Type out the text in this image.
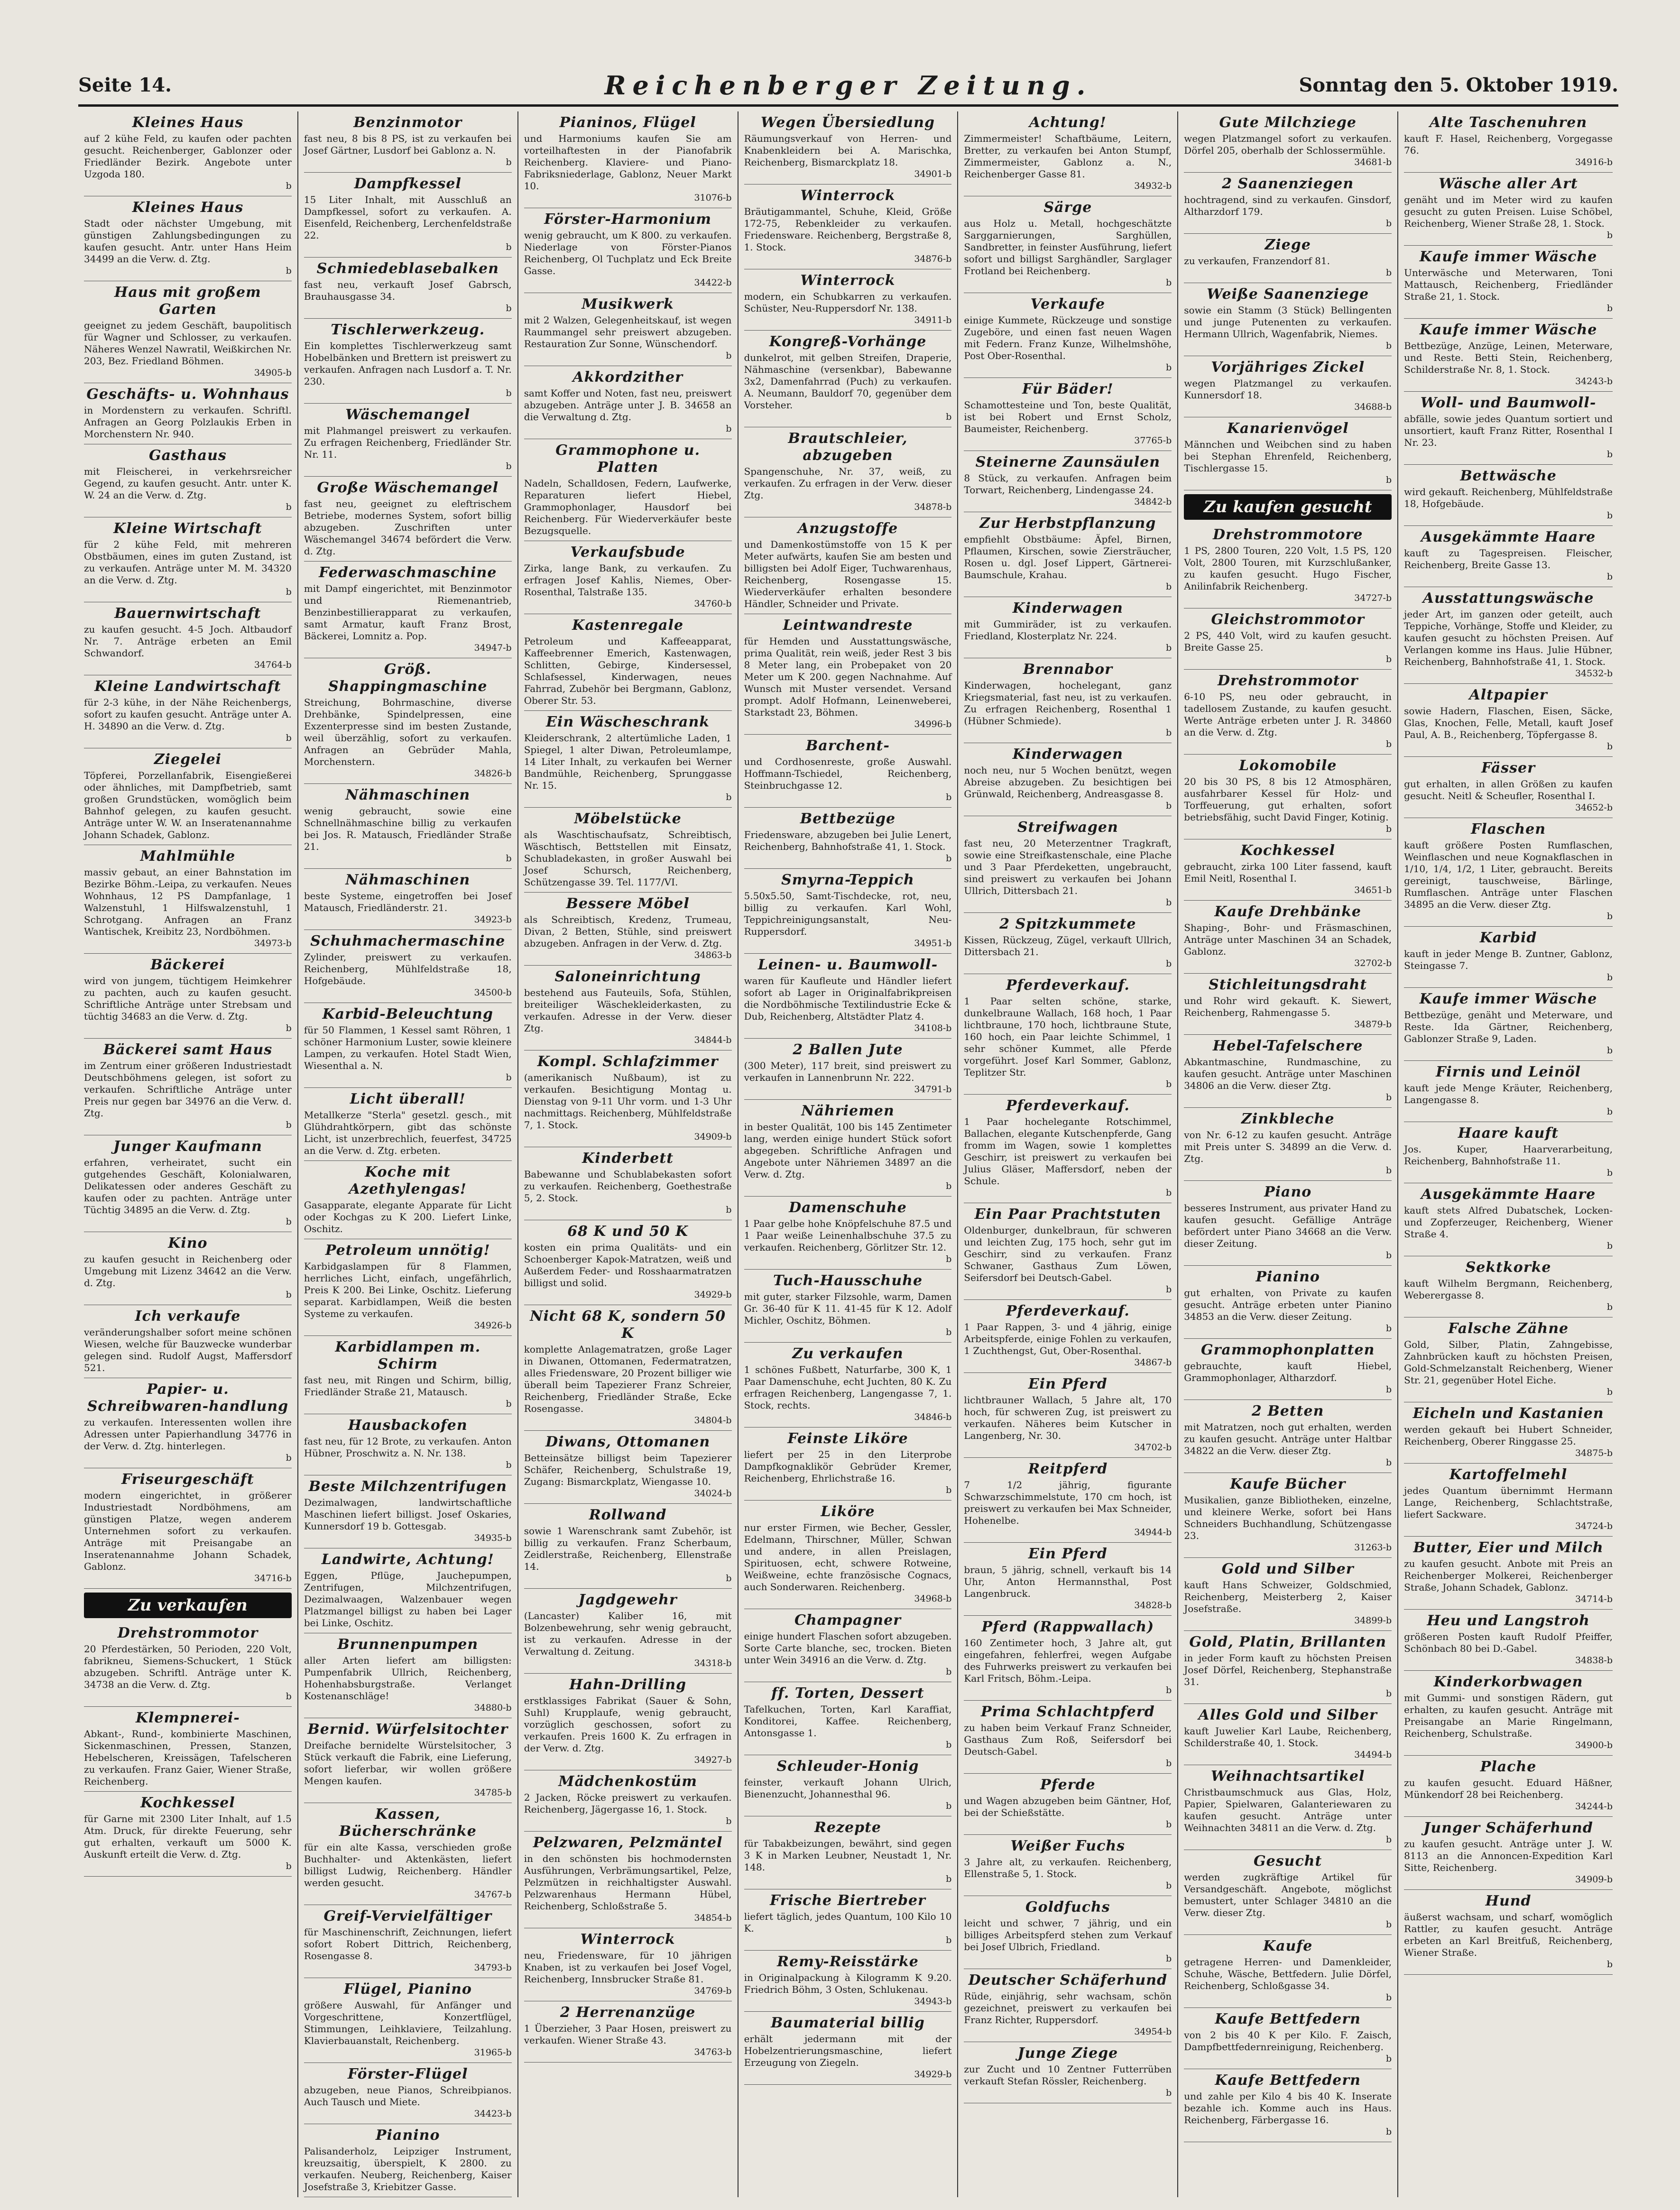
Seite 14.	Reichenberger Zeitung.	Sonntag den 5. Oktober 1919.
Kleines Haus

auf 2 kühe Feld, zu kaufen oder pachten gesucht. Reichenberger, Gablonzer oder Friedländer Bezirk. Angebote unter Uzgoda 180.

b
Kleines Haus

Stadt oder nächster Umgebung, mit günstigen Zahlungsbedingungen zu kaufen gesucht. Antr. unter Hans Heim 34499 an die Verw. d. Ztg.

b
Haus mit großem Garten

geeignet zu jedem Geschäft, baupolitisch für Wagner und Schlosser, zu verkaufen. Näheres Wenzel Nawratil, Weißkirchen Nr. 203, Bez. Friedland Böhmen.

34905-b
Geschäfts- u. Wohnhaus

in Mordenstern zu verkaufen. Schriftl. Anfragen an Georg Polzlaukis Erben in Morchenstern Nr. 940.

Gasthaus

mit Fleischerei, in verkehrsreicher Gegend, zu kaufen gesucht. Antr. unter K. W. 24 an die Verw. d. Ztg.

b
Kleine Wirtschaft

für 2 kühe Feld, mit mehreren Obstbäumen, eines im guten Zustand, ist zu verkaufen. Anträge unter M. M. 34320 an die Verw. d. Ztg.

b
Bauernwirtschaft

zu kaufen gesucht. 4-5 Joch. Altbaudorf Nr. 7. Anträge erbeten an Emil Schwandorf.

34764-b
Kleine Landwirtschaft

für 2-3 kühe, in der Nähe Reichenbergs, sofort zu kaufen gesucht. Anträge unter A. H. 34890 an die Verw. d. Ztg.

b
Ziegelei

Töpferei, Porzellanfabrik, Eisengießerei oder ähnliches, mit Dampfbetrieb, samt großen Grundstücken, womöglich beim Bahnhof gelegen, zu kaufen gesucht. Anträge unter W. W. an Inseratenannahme Johann Schadek, Gablonz.

Mahlmühle

massiv gebaut, an einer Bahnstation im Bezirke Böhm.-Leipa, zu verkaufen. Neues Wohnhaus, 12 PS Dampfanlage, 1 Walzenstuhl, 1 Hilfswalzenstuhl, 1 Schrotgang. Anfragen an Franz Wantischek, Kreibitz 23, Nordböhmen.

34973-b
Bäckerei

wird von jungem, tüchtigem Heimkehrer zu pachten, auch zu kaufen gesucht. Schriftliche Anträge unter Strebsam und tüchtig 34683 an die Verw. d. Ztg.

b
Bäckerei samt Haus

im Zentrum einer größeren Industriestadt Deutschböhmens gelegen, ist sofort zu verkaufen. Schriftliche Anträge unter Preis nur gegen bar 34976 an die Verw. d. Ztg.

b
Junger Kaufmann

erfahren, verheiratet, sucht ein gutgehendes Geschäft, Kolonialwaren, Delikatessen oder anderes Geschäft zu kaufen oder zu pachten. Anträge unter Tüchtig 34895 an die Verw. d. Ztg.

b
Kino

zu kaufen gesucht in Reichenberg oder Umgebung mit Lizenz 34642 an die Verw. d. Ztg.

b
Ich verkaufe

veränderungshalber sofort meine schönen Wiesen, welche für Bauzwecke wunderbar gelegen sind. Rudolf Augst, Maffersdorf 521.

Papier- u. Schreibwaren-handlung

zu verkaufen. Interessenten wollen ihre Adressen unter Papierhandlung 34776 in der Verw. d. Ztg. hinterlegen.

b
Friseurgeschäft

modern eingerichtet, in größerer Industriestadt Nordböhmens, am günstigen Platze, wegen anderem Unternehmen sofort zu verkaufen. Anträge mit Preisangabe an Inseratenannahme Johann Schadek, Gablonz.

34716-b
Zu verkaufen
Drehstrommotor

20 Pferdestärken, 50 Perioden, 220 Volt, fabrikneu, Siemens-Schuckert, 1 Stück abzugeben. Schriftl. Anträge unter K. 34738 an die Verw. d. Ztg.

b
Klempnerei-

Abkant-, Rund-, kombinierte Maschinen, Sickenmaschinen, Pressen, Stanzen, Hebelscheren, Kreissägen, Tafelscheren zu verkaufen. Franz Gaier, Wiener Straße, Reichenberg.

Kochkessel

für Garne mit 2300 Liter Inhalt, auf 1.5 Atm. Druck, für direkte Feuerung, sehr gut erhalten, verkauft um 5000 K. Auskunft erteilt die Verw. d. Ztg.

b
Benzinmotor

fast neu, 8 bis 8 PS, ist zu verkaufen bei Josef Gärtner, Lusdorf bei Gablonz a. N.

b
Dampfkessel

15 Liter Inhalt, mit Ausschluß an Dampfkessel, sofort zu verkaufen. A. Eisenfeld, Reichenberg, Lerchenfeldstraße 22.

b
Schmiedeblasebalken

fast neu, verkauft Josef Gabrsch, Brauhausgasse 34.

b
Tischlerwerkzeug.

Ein komplettes Tischlerwerkzeug samt Hobelbänken und Brettern ist preiswert zu verkaufen. Anfragen nach Lusdorf a. T. Nr. 230.

b
Wäschemangel

mit Plahmangel preiswert zu verkaufen. Zu erfragen Reichenberg, Friedländer Str. Nr. 11.

b
Große Wäschemangel

fast neu, geeignet zu eleftrischem Betriebe, modernes System, sofort billig abzugeben. Zuschriften unter Wäschemangel 34674 befördert die Verw. d. Ztg.

Federwaschmaschine

mit Dampf eingerichtet, mit Benzinmotor und Riemenantrieb, Benzinbestillierapparat zu verkaufen, samt Armatur, kauft Franz Brost, Bäckerei, Lomnitz a. Pop.

34947-b
Größ. Shappingmaschine

Streichung, Bohrmaschine, diverse Drehbänke, Spindelpressen, eine Exzenterpresse sind im besten Zustande, weil überzählig, sofort zu verkaufen. Anfragen an Gebrüder Mahla, Morchenstern.

34826-b
Nähmaschinen

wenig gebraucht, sowie eine Schnellnähmaschine billig zu verkaufen bei Jos. R. Matausch, Friedländer Straße 21.

b
Nähmaschinen

beste Systeme, eingetroffen bei Josef Matausch, Friedländerstr. 21.

34923-b
Schuhmachermaschine

Zylinder, preiswert zu verkaufen. Reichenberg, Mühlfeldstraße 18, Hofgebäude.

34500-b
Karbid-Beleuchtung

für 50 Flammen, 1 Kessel samt Röhren, 1 schöner Harmonium Luster, sowie kleinere Lampen, zu verkaufen. Hotel Stadt Wien, Wiesenthal a. N.

b
Licht überall!

Metallkerze "Sterla" gesetzl. gesch., mit Glühdrahtkörpern, gibt das schönste Licht, ist unzerbrechlich, feuerfest, 34725 an die Verw. d. Ztg. erbeten.

Koche mit Azethylengas!

Gasapparate, elegante Apparate für Licht oder Kochgas zu K 200. Liefert Linke, Oschitz.

Petroleum unnötig!

Karbidgaslampen für 8 Flammen, herrliches Licht, einfach, ungefährlich, Preis K 200. Bei Linke, Oschitz. Lieferung separat. Karbidlampen, Weiß die besten Systeme zu verkaufen.

34926-b
Karbidlampen m. Schirm

fast neu, mit Ringen und Schirm, billig, Friedländer Straße 21, Matausch.

b
Hausbackofen

fast neu, für 12 Brote, zu verkaufen. Anton Hübner, Proschwitz a. N. Nr. 138.

b
Beste Milchzentrifugen

Dezimalwagen, landwirtschaftliche Maschinen liefert billigst. Josef Oskaries, Kunnersdorf 19 b. Gottesgab.

34935-b
Landwirte, Achtung!

Eggen, Pflüge, Jauchepumpen, Zentrifugen, Milchzentrifugen, Dezimalwaagen, Walzenbauer wegen Platzmangel billigst zu haben bei Lager bei Linke, Oschitz.

Brunnenpumpen

aller Arten liefert am billigsten: Pumpenfabrik Ullrich, Reichenberg, Hohenhabsburgstraße. Verlanget Kostenanschläge!

34880-b
Bernid. Würfelsitochter

Dreifache bernidelte Würstelsitocher, 3 Stück verkauft die Fabrik, eine Lieferung, sofort lieferbar, wir wollen größere Mengen kaufen.

34785-b
Kassen, Bücherschränke

für ein alte Kassa, verschieden große Buchhalter- und Aktenkästen, liefert billigst Ludwig, Reichenberg. Händler werden gesucht.

34767-b
Greif-Vervielfältiger

für Maschinenschrift, Zeichnungen, liefert sofort Robert Dittrich, Reichenberg, Rosengasse 8.

34793-b
Flügel, Pianino

größere Auswahl, für Anfänger und Vorgeschrittene, Konzertflügel, Stimmungen, Leihklaviere, Teilzahlung. Klavierbauanstalt, Reichenberg.

31965-b
Förster-Flügel

abzugeben, neue Pianos, Schreibpianos. Auch Tausch und Miete.

34423-b
Pianino

Palisanderholz, Leipziger Instrument, kreuzsaitig, überspielt, K 2800. zu verkaufen. Neuberg, Reichenberg, Kaiser Josefstraße 3, Kriebitzer Gasse.

Pianinos, Flügel

und Harmoniums kaufen Sie am vorteilhaftesten in der Pianofabrik Reichenberg. Klaviere- und Piano-Fabriksniederlage, Gablonz, Neuer Markt 10.

31076-b
Förster-Harmonium

wenig gebraucht, um K 800. zu verkaufen. Niederlage von Förster-Pianos Reichenberg, Ol Tuchplatz und Eck Breite Gasse.

34422-b
Musikwerk

mit 2 Walzen, Gelegenheitskauf, ist wegen Raummangel sehr preiswert abzugeben. Restauration Zur Sonne, Wünschendorf.

b
Akkordzither

samt Koffer und Noten, fast neu, preiswert abzugeben. Anträge unter J. B. 34658 an die Verwaltung d. Ztg.

b
Grammophone u. Platten

Nadeln, Schalldosen, Federn, Laufwerke, Reparaturen liefert Hiebel, Grammophonlager, Hausdorf bei Reichenberg. Für Wiederverkäufer beste Bezugsquelle.

Verkaufsbude

Zirka, lange Bank, zu verkaufen. Zu erfragen Josef Kahlis, Niemes, Ober-Rosenthal, Talstraße 135.

34760-b
Kastenregale

Petroleum und Kaffeeapparat, Kaffeebrenner Emerich, Kastenwagen, Schlitten, Gebirge, Kindersessel, Schlafsessel, Kinderwagen, neues Fahrrad, Zubehör bei Bergmann, Gablonz, Oberer Str. 53.

Ein Wäscheschrank

Kleiderschrank, 2 altertümliche Laden, 1 Spiegel, 1 alter Diwan, Petroleumlampe, 14 Liter Inhalt, zu verkaufen bei Werner Bandmühle, Reichenberg, Sprunggasse Nr. 15.

b
Möbelstücke

als Waschtischaufsatz, Schreibtisch, Wäschtisch, Bettstellen mit Einsatz, Schubladekasten, in großer Auswahl bei Josef Schursch, Reichenberg, Schützengasse 39. Tel. 1177/VI.

Bessere Möbel

als Schreibtisch, Kredenz, Trumeau, Divan, 2 Betten, Stühle, sind preiswert abzugeben. Anfragen in der Verw. d. Ztg.

34863-b
Saloneinrichtung

bestehend aus Fauteuils, Sofa, Stühlen, breiteiliger Wäschekleiderkasten, zu verkaufen. Adresse in der Verw. dieser Ztg.

34844-b
Kompl. Schlafzimmer

(amerikanisch Nußbaum), ist zu verkaufen. Besichtigung Montag u. Dienstag von 9-11 Uhr vorm. und 1-3 Uhr nachmittags. Reichenberg, Mühlfeldstraße 7, 1. Stock.

34909-b
Kinderbett

Babewanne und Schublabekasten sofort zu verkaufen. Reichenberg, Goethestraße 5, 2. Stock.

b
68 K und 50 K

kosten ein prima Qualitäts- und ein Schoenberger Kapok-Matratzen, weiß und Außerdem Feder- und Rosshaarmatratzen billigst und solid.

34929-b
Nicht 68 K, sondern 50 K

komplette Anlagematratzen, große Lager in Diwanen, Ottomanen, Federmatratzen, alles Friedensware, 20 Prozent billiger wie überall beim Tapezierer Franz Schreier, Reichenberg, Friedländer Straße, Ecke Rosengasse.

34804-b
Diwans, Ottomanen

Betteinsätze billigst beim Tapezierer Schäfer, Reichenberg, Schulstraße 19, Zugang: Bismarckplatz, Wiengasse 10.

34024-b
Rollwand

sowie 1 Warenschrank samt Zubehör, ist billig zu verkaufen. Franz Scherbaum, Zeidlerstraße, Reichenberg, Ellenstraße 14.

b
Jagdgewehr

(Lancaster) Kaliber 16, mit Bolzenbewehrung, sehr wenig gebraucht, ist zu verkaufen. Adresse in der Verwaltung d. Zeitung.

34318-b
Hahn-Drilling

erstklassiges Fabrikat (Sauer & Sohn, Suhl) Krupplaufe, wenig gebraucht, vorzüglich geschossen, sofort zu verkaufen. Preis 1600 K. Zu erfragen in der Verw. d. Ztg.

34927-b
Mädchenkostüm

2 Jacken, Röcke preiswert zu verkaufen. Reichenberg, Jägergasse 16, 1. Stock.

b
Pelzwaren, Pelzmäntel

in den schönsten bis hochmodernsten Ausführungen, Verbrämungsartikel, Pelze, Pelzmützen in reichhaltigster Auswahl. Pelzwarenhaus Hermann Hübel, Reichenberg, Schloßstraße 5.

34854-b
Winterrock

neu, Friedensware, für 10 jährigen Knaben, ist zu verkaufen bei Josef Vogel, Reichenberg, Innsbrucker Straße 81.

34769-b
2 Herrenanzüge

1 Überzieher, 3 Paar Hosen, preiswert zu verkaufen. Wiener Straße 43.

34763-b
Wegen Übersiedlung

Räumungsverkauf von Herren- und Knabenkleidern bei A. Marischka, Reichenberg, Bismarckplatz 18.

34901-b
Winterrock

Bräutigammantel, Schuhe, Kleid, Größe 172-75, Rebenkleider zu verkaufen. Friedensware. Reichenberg, Bergstraße 8, 1. Stock.

34876-b
Winterrock

modern, ein Schubkarren zu verkaufen. Schüster, Neu-Ruppersdorf Nr. 138.

34911-b
Kongreß-Vorhänge

dunkelrot, mit gelben Streifen, Draperie, Nähmaschine (versenkbar), Babewanne 3x2, Damenfahrrad (Puch) zu verkaufen. A. Neumann, Bauldorf 70, gegenüber dem Vorsteher.

b
Brautschleier, abzugeben

Spangenschuhe, Nr. 37, weiß, zu verkaufen. Zu erfragen in der Verw. dieser Ztg.

34878-b
Anzugstoffe

und Damenkostümstoffe von 15 K per Meter aufwärts, kaufen Sie am besten und billigsten bei Adolf Eiger, Tuchwarenhaus, Reichenberg, Rosengasse 15. Wiederverkäufer erhalten besondere Händler, Schneider und Private.

Leintwandreste

für Hemden und Ausstattungswäsche, prima Qualität, rein weiß, jeder Rest 3 bis 8 Meter lang, ein Probepaket von 20 Meter um K 200. gegen Nachnahme. Auf Wunsch mit Muster versendet. Versand prompt. Adolf Hofmann, Leinenweberei, Starkstadt 23, Böhmen.

34996-b
Barchent-

und Cordhosenreste, große Auswahl. Hoffmann-Tschiedel, Reichenberg, Steinbruchgasse 12.

b
Bettbezüge

Friedensware, abzugeben bei Julie Lenert, Reichenberg, Bahnhofstraße 41, 1. Stock.

b
Smyrna-Teppich

5.50x5.50, Samt-Tischdecke, rot, neu, billig zu verkaufen. Karl Wohl, Teppichreinigungsanstalt, Neu-Ruppersdorf.

34951-b
Leinen- u. Baumwoll-

waren für Kaufleute und Händler liefert sofort ab Lager in Originalfabrikpreisen die Nordböhmische Textilindustrie Ecke & Dub, Reichenberg, Altstädter Platz 4.

34108-b
2 Ballen Jute

(300 Meter), 117 breit, sind preiswert zu verkaufen in Lannenbrunn Nr. 222.

34791-b
Nähriemen

in bester Qualität, 100 bis 145 Zentimeter lang, werden einige hundert Stück sofort abgegeben. Schriftliche Anfragen und Angebote unter Nähriemen 34897 an die Verw. d. Ztg.

b
Damenschuhe

1 Paar gelbe hohe Knöpfelschuhe 87.5 und 1 Paar weiße Leinenhalbschuhe 37.5 zu verkaufen. Reichenberg, Görlitzer Str. 12.

b
Tuch-Hausschuhe

mit guter, starker Filzsohle, warm, Damen Gr. 36-40 für K 11. 41-45 für K 12. Adolf Michler, Oschitz, Böhmen.

b
Zu verkaufen

1 schönes Fußbett, Naturfarbe, 300 K, 1 Paar Damenschuhe, echt Juchten, 80 K. Zu erfragen Reichenberg, Langengasse 7, 1. Stock, rechts.

34846-b
Feinste Liköre

liefert per 25 in den Literprobe Dampfkognaklikör Gebrüder Kremer, Reichenberg, Ehrlichstraße 16.

b
Liköre

nur erster Firmen, wie Becher, Gessler, Edelmann, Thirschner, Müller, Schwan und andere, in allen Preislagen, Spirituosen, echt, schwere Rotweine, Weißweine, echte französische Cognacs, auch Sonderwaren. Reichenberg.

34968-b
Champagner

einige hundert Flaschen sofort abzugeben. Sorte Carte blanche, sec, trocken. Bieten unter Wein 34916 an die Verw. d. Ztg.

b
ff. Torten, Dessert

Tafelkuchen, Torten, Karl Karaffiat, Konditorei, Kaffee. Reichenberg, Antonsgasse 1.

b
Schleuder-Honig

feinster, verkauft Johann Ulrich, Bienenzucht, Johannesthal 96.

b
Rezepte

für Tabakbeizungen, bewährt, sind gegen 3 K in Marken Leubner, Neustadt 1, Nr. 148.

b
Frische Biertreber

liefert täglich, jedes Quantum, 100 Kilo 10 K.

b
Remy-Reisstärke

in Originalpackung à Kilogramm K 9.20. Friedrich Böhm, 3 Osten, Schlukenau.

34943-b
Baumaterial billig

erhält jedermann mit der Hobelzentrierungsmaschine, liefert Erzeugung von Ziegeln.

34929-b
Achtung!

Zimmermeister! Schaftbäume, Leitern, Bretter, zu verkaufen bei Anton Stumpf, Zimmermeister, Gablonz a. N., Reichenberger Gasse 81.

34932-b
Särge

aus Holz u. Metall, hochgeschätzte Sarggarnierungen, Sarghüllen, Sandbretter, in feinster Ausführung, liefert sofort und billigst Sarghändler, Sarglager Frotland bei Reichenberg.

b
Verkaufe

einige Kummete, Rückzeuge und sonstige Zugeböre, und einen fast neuen Wagen mit Federn. Franz Kunze, Wilhelmshöhe, Post Ober-Rosenthal.

b
Für Bäder!

Schamottesteine und Ton, beste Qualität, ist bei Robert und Ernst Scholz, Baumeister, Reichenberg.

37765-b
Steinerne Zaunsäulen

8 Stück, zu verkaufen. Anfragen beim Torwart, Reichenberg, Lindengasse 24.

34842-b
Zur Herbstpflanzung

empfiehlt Obstbäume: Äpfel, Birnen, Pflaumen, Kirschen, sowie Ziersträucher, Rosen u. dgl. Josef Lippert, Gärtnerei-Baumschule, Krahau.

b
Kinderwagen

mit Gummiräder, ist zu verkaufen. Friedland, Klosterplatz Nr. 224.

b
Brennabor

Kinderwagen, hochelegant, ganz Kriegsmaterial, fast neu, ist zu verkaufen. Zu erfragen Reichenberg, Rosenthal 1 (Hübner Schmiede).

b
Kinderwagen

noch neu, nur 5 Wochen benützt, wegen Abreise abzugeben. Zu besichtigen bei Grünwald, Reichenberg, Andreasgasse 8.

b
Streifwagen

fast neu, 20 Meterzentner Tragkraft, sowie eine Streifkastenschale, eine Plache und 3 Paar Pferdeketten, ungebraucht, sind preiswert zu verkaufen bei Johann Ullrich, Dittersbach 21.

b
2 Spitzkummete

Kissen, Rückzeug, Zügel, verkauft Ullrich, Dittersbach 21.

b
Pferdeverkauf.

1 Paar selten schöne, starke, dunkelbraune Wallach, 168 hoch, 1 Paar lichtbraune, 170 hoch, lichtbraune Stute, 160 hoch, ein Paar leichte Schimmel, 1 sehr schöner Kummet, alle Pferde vorgeführt. Josef Karl Sommer, Gablonz, Teplitzer Str.

b
Pferdeverkauf.

1 Paar hochelegante Rotschimmel, Ballachen, elegante Kutschenpferde, Gang fromm im Wagen, sowie 1 komplettes Geschirr, ist preiswert zu verkaufen bei Julius Gläser, Maffersdorf, neben der Schule.

b
Ein Paar Prachtstuten

Oldenburger, dunkelbraun, für schweren und leichten Zug, 175 hoch, sehr gut im Geschirr, sind zu verkaufen. Franz Schwaner, Gasthaus Zum Löwen, Seifersdorf bei Deutsch-Gabel.

b
Pferdeverkauf.

1 Paar Rappen, 3- und 4 jährig, einige Arbeitspferde, einige Fohlen zu verkaufen, 1 Zuchthengst, Gut, Ober-Rosenthal.

34867-b
Ein Pferd

lichtbrauner Wallach, 5 Jahre alt, 170 hoch, für schweren Zug, ist preiswert zu verkaufen. Näheres beim Kutscher in Langenberg, Nr. 30.

34702-b
Reitpferd

7 1/2 jährig, figurante Schwarzschimmelstute, 170 cm hoch, ist preiswert zu verkaufen bei Max Schneider, Hohenelbe.

34944-b
Ein Pferd

braun, 5 jährig, schnell, verkauft bis 14 Uhr, Anton Hermannsthal, Post Langenbruck.

34828-b
Pferd (Rappwallach)

160 Zentimeter hoch, 3 Jahre alt, gut eingefahren, fehlerfrei, wegen Aufgabe des Fuhrwerks preiswert zu verkaufen bei Karl Fritsch, Böhm.-Leipa.

b
Prima Schlachtpferd

zu haben beim Verkauf Franz Schneider, Gasthaus Zum Roß, Seifersdorf bei Deutsch-Gabel.

b
Pferde

und Wagen abzugeben beim Gäntner, Hof, bei der Schießstätte.

b
Weißer Fuchs

3 Jahre alt, zu verkaufen. Reichenberg, Ellenstraße 5, 1. Stock.

b
Goldfuchs

leicht und schwer, 7 jährig, und ein billiges Arbeitspferd stehen zum Verkauf bei Josef Ulbrich, Friedland.

b
Deutscher Schäferhund

Rüde, einjährig, sehr wachsam, schön gezeichnet, preiswert zu verkaufen bei Franz Richter, Ruppersdorf.

34954-b
Junge Ziege

zur Zucht und 10 Zentner Futterrüben verkauft Stefan Rössler, Reichenberg.

b
Gute Milchziege

wegen Platzmangel sofort zu verkaufen. Dörfel 205, oberhalb der Schlossermühle.

34681-b
2 Saanenziegen

hochtragend, sind zu verkaufen. Ginsdorf, Altharzdorf 179.

b
Ziege

zu verkaufen, Franzendorf 81.

b
Weiße Saanenziege

sowie ein Stamm (3 Stück) Bellingenten und junge Putenenten zu verkaufen. Hermann Ullrich, Wagenfabrik, Niemes.

b
Vorjähriges Zickel

wegen Platzmangel zu verkaufen. Kunnersdorf 18.

34688-b
Kanarienvögel

Männchen und Weibchen sind zu haben bei Stephan Ehrenfeld, Reichenberg, Tischlergasse 15.

b
Zu kaufen gesucht
Drehstrommotore

1 PS, 2800 Touren, 220 Volt, 1.5 PS, 120 Volt, 2800 Touren, mit Kurzschlußanker, zu kaufen gesucht. Hugo Fischer, Anilinfabrik Reichenberg.

34727-b
Gleichstrommotor

2 PS, 440 Volt, wird zu kaufen gesucht. Breite Gasse 25.

b
Drehstrommotor

6-10 PS, neu oder gebraucht, in tadellosem Zustande, zu kaufen gesucht. Werte Anträge erbeten unter J. R. 34860 an die Verw. d. Ztg.

b
Lokomobile

20 bis 30 PS, 8 bis 12 Atmosphären, ausfahrbarer Kessel für Holz- und Torffeuerung, gut erhalten, sofort betriebsfähig, sucht David Finger, Kotinig.

b
Kochkessel

gebraucht, zirka 100 Liter fassend, kauft Emil Neitl, Rosenthal I.

34651-b
Kaufe Drehbänke

Shaping-, Bohr- und Fräsmaschinen, Anträge unter Maschinen 34 an Schadek, Gablonz.

32702-b
Stichleitungsdraht

und Rohr wird gekauft. K. Siewert, Reichenberg, Rahmengasse 5.

34879-b
Hebel-Tafelschere

Abkantmaschine, Rundmaschine, zu kaufen gesucht. Anträge unter Maschinen 34806 an die Verw. dieser Ztg.

b
Zinkbleche

von Nr. 6-12 zu kaufen gesucht. Anträge mit Preis unter S. 34899 an die Verw. d. Ztg.

b
Piano

besseres Instrument, aus privater Hand zu kaufen gesucht. Gefällige Anträge befördert unter Piano 34668 an die Verw. dieser Zeitung.

b
Pianino

gut erhalten, von Private zu kaufen gesucht. Anträge erbeten unter Pianino 34853 an die Verw. dieser Zeitung.

b
Grammophonplatten

gebrauchte, kauft Hiebel, Grammophonlager, Altharzdorf.

b
2 Betten

mit Matratzen, noch gut erhalten, werden zu kaufen gesucht. Anträge unter Haltbar 34822 an die Verw. dieser Ztg.

b
Kaufe Bücher

Musikalien, ganze Bibliotheken, einzelne, und kleinere Werke, sofort bei Hans Schneiders Buchhandlung, Schützengasse 23.

31263-b
Gold und Silber

kauft Hans Schweizer, Goldschmied, Reichenberg, Meisterberg 2, Kaiser Josefstraße.

34899-b
Gold, Platin, Brillanten

in jeder Form kauft zu höchsten Preisen Josef Dörfel, Reichenberg, Stephanstraße 31.

b
Alles Gold und Silber

kauft Juwelier Karl Laube, Reichenberg, Schilderstraße 40, 1. Stock.

34494-b
Weihnachtsartikel

Christbaumschmuck aus Glas, Holz, Papier, Spielwaren, Galanteriewaren zu kaufen gesucht. Anträge unter Weihnachten 34811 an die Verw. d. Ztg.

b
Gesucht

werden zugkräftige Artikel für Versandgeschäft. Angebote, möglichst bemustert, unter Schlager 34810 an die Verw. dieser Ztg.

b
Kaufe

getragene Herren- und Damenkleider, Schuhe, Wäsche, Bettfedern. Julie Dörfel, Reichenberg, Schloßgasse 34.

b
Kaufe Bettfedern

von 2 bis 40 K per Kilo. F. Zaisch, Dampfbettfedernreinigung, Reichenberg.

b
Kaufe Bettfedern

und zahle per Kilo 4 bis 40 K. Inserate bezahle ich. Komme auch ins Haus. Reichenberg, Färbergasse 16.

b
Alte Taschenuhren

kauft F. Hasel, Reichenberg, Vorgegasse 76.

34916-b
Wäsche aller Art

genäht und im Meter wird zu kaufen gesucht zu guten Preisen. Luise Schöbel, Reichenberg, Wiener Straße 28, 1. Stock.

b
Kaufe immer Wäsche

Unterwäsche und Meterwaren, Toni Mattausch, Reichenberg, Friedländer Straße 21, 1. Stock.

b
Kaufe immer Wäsche

Bettbezüge, Anzüge, Leinen, Meterware, und Reste. Betti Stein, Reichenberg, Schilderstraße Nr. 8, 1. Stock.

34243-b
Woll- und Baumwoll-

abfälle, sowie jedes Quantum sortiert und unsortiert, kauft Franz Ritter, Rosenthal I Nr. 23.

b
Bettwäsche

wird gekauft. Reichenberg, Mühlfeldstraße 18, Hofgebäude.

b
Ausgekämmte Haare

kauft zu Tagespreisen. Fleischer, Reichenberg, Breite Gasse 13.

b
Ausstattungswäsche

jeder Art, im ganzen oder geteilt, auch Teppiche, Vorhänge, Stoffe und Kleider, zu kaufen gesucht zu höchsten Preisen. Auf Verlangen komme ins Haus. Julie Hübner, Reichenberg, Bahnhofstraße 41, 1. Stock.

34532-b
Altpapier

sowie Hadern, Flaschen, Eisen, Säcke, Glas, Knochen, Felle, Metall, kauft Josef Paul, A. B., Reichenberg, Töpfergasse 8.

b
Fässer

gut erhalten, in allen Größen zu kaufen gesucht. Neitl & Scheufler, Rosenthal I.

34652-b
Flaschen

kauft größere Posten Rumflaschen, Weinflaschen und neue Kognakflaschen in 1/10, 1/4, 1/2, 1 Liter, gebraucht. Bereits gereinigt, tauschweise, Bärlinge, Rumflaschen. Anträge unter Flaschen 34895 an die Verw. dieser Ztg.

b
Karbid

kauft in jeder Menge B. Zuntner, Gablonz, Steingasse 7.

b
Kaufe immer Wäsche

Bettbezüge, genäht und Meterware, und Reste. Ida Gärtner, Reichenberg, Gablonzer Straße 9, Laden.

b
Firnis und Leinöl

kauft jede Menge Kräuter, Reichenberg, Langengasse 8.

b
Haare kauft

Jos. Kuper, Haarverarbeitung, Reichenberg, Bahnhofstraße 11.

b
Ausgekämmte Haare

kauft stets Alfred Dubatschek, Locken- und Zopferzeuger, Reichenberg, Wiener Straße 4.

b
Sektkorke

kauft Wilhelm Bergmann, Reichenberg, Weberergasse 8.

b
Falsche Zähne

Gold, Silber, Platin, Zahngebisse, Zahnbrücken kauft zu höchsten Preisen, Gold-Schmelzanstalt Reichenberg, Wiener Str. 21, gegenüber Hotel Eiche.

b
Eicheln und Kastanien

werden gekauft bei Hubert Schneider, Reichenberg, Oberer Ringgasse 25.

34875-b
Kartoffelmehl

jedes Quantum übernimmt Hermann Lange, Reichenberg, Schlachtstraße, liefert Sackware.

34724-b
Butter, Eier und Milch

zu kaufen gesucht. Anbote mit Preis an Reichenberger Molkerei, Reichenberger Straße, Johann Schadek, Gablonz.

34714-b
Heu und Langstroh

größeren Posten kauft Rudolf Pfeiffer, Schönbach 80 bei D.-Gabel.

34838-b
Kinderkorbwagen

mit Gummi- und sonstigen Rädern, gut erhalten, zu kaufen gesucht. Anträge mit Preisangabe an Marie Ringelmann, Reichenberg, Schulstraße.

34900-b
Plache

zu kaufen gesucht. Eduard Häßner, Münkendorf 28 bei Reichenberg.

34244-b
Junger Schäferhund

zu kaufen gesucht. Anträge unter J. W. 8113 an die Annoncen-Expedition Karl Sitte, Reichenberg.

34909-b
Hund

äußerst wachsam, und scharf, womöglich Rattler, zu kaufen gesucht. Anträge erbeten an Karl Breitfuß, Reichenberg, Wiener Straße.

b
